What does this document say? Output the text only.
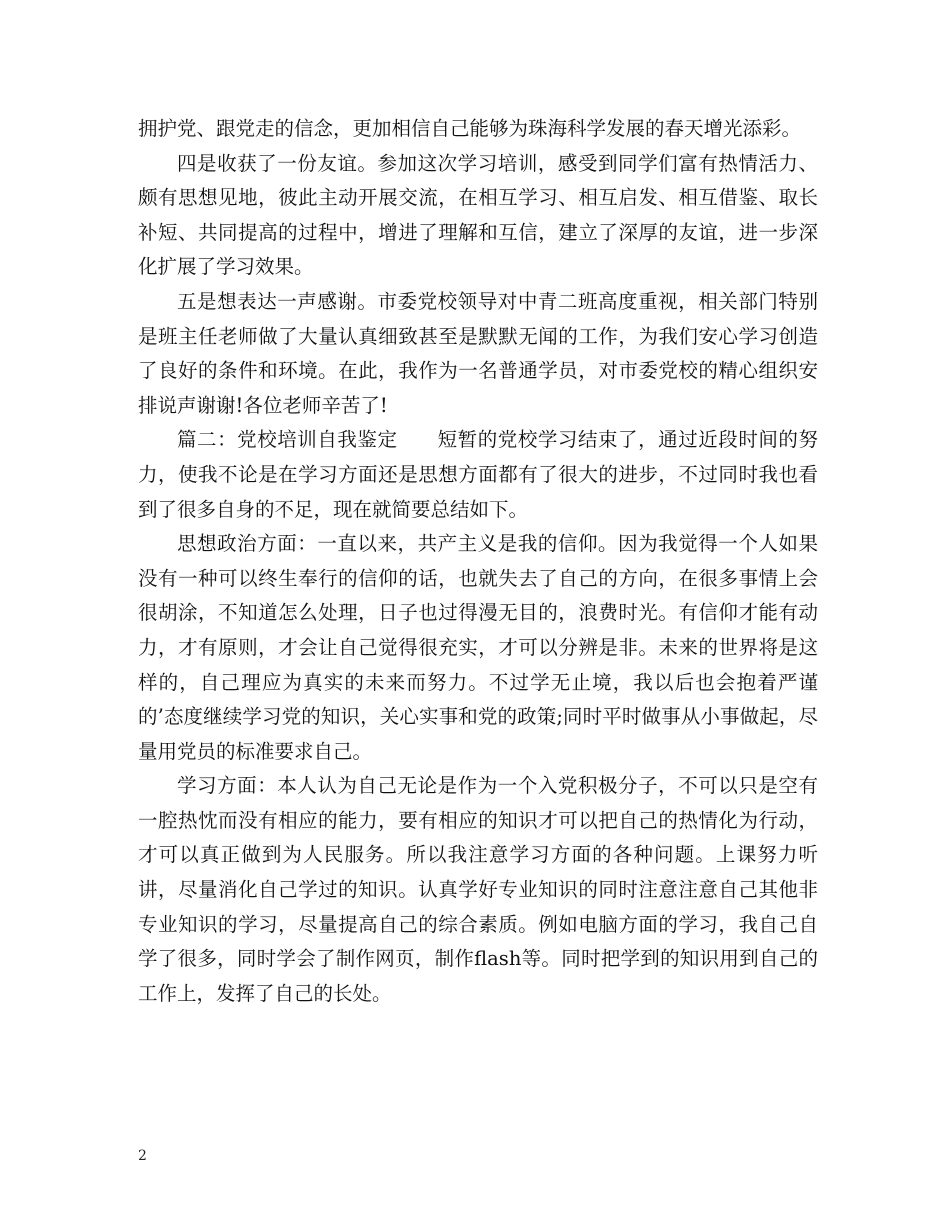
拥护党、跟党走的信念，更加相信自己能够为珠海科学发展的春天增光添彩。

四是收获了一份友谊。参加这次学习培训，感受到同学们富有热情活力、颇有思想见地，彼此主动开展交流，在相互学习、相互启发、相互借鉴、取长补短、共同提高的过程中，增进了理解和互信，建立了深厚的友谊，进一步深化扩展了学习效果。

五是想表达一声感谢。市委党校领导对中青二班高度重视，相关部门特别是班主任老师做了大量认真细致甚至是默默无闻的工作，为我们安心学习创造了良好的条件和环境。在此，我作为一名普通学员，对市委党校的精心组织安排说声谢谢!各位老师辛苦了!

篇二：党校培训自我鉴定　　短暂的党校学习结束了，通过近段时间的努力，使我不论是在学习方面还是思想方面都有了很大的进步，不过同时我也看到了很多自身的不足，现在就简要总结如下。

思想政治方面：一直以来，共产主义是我的信仰。因为我觉得一个人如果没有一种可以终生奉行的信仰的话，也就失去了自己的方向，在很多事情上会很胡涂，不知道怎么处理，日子也过得漫无目的，浪费时光。有信仰才能有动力，才有原则，才会让自己觉得很充实，才可以分辨是非。未来的世界将是这样的，自己理应为真实的未来而努力。不过学无止境，我以后也会抱着严谨的’态度继续学习党的知识，关心实事和党的政策;同时平时做事从小事做起，尽量用党员的标准要求自己。

学习方面：本人认为自己无论是作为一个入党积极分子，不可以只是空有一腔热忱而没有相应的能力，要有相应的知识才可以把自己的热情化为行动，才可以真正做到为人民服务。所以我注意学习方面的各种问题。上课努力听讲，尽量消化自己学过的知识。认真学好专业知识的同时注意注意自己其他非专业知识的学习，尽量提高自己的综合素质。例如电脑方面的学习，我自己自学了很多，同时学会了制作网页，制作flash等。同时把学到的知识用到自己的工作上，发挥了自己的长处。

2
